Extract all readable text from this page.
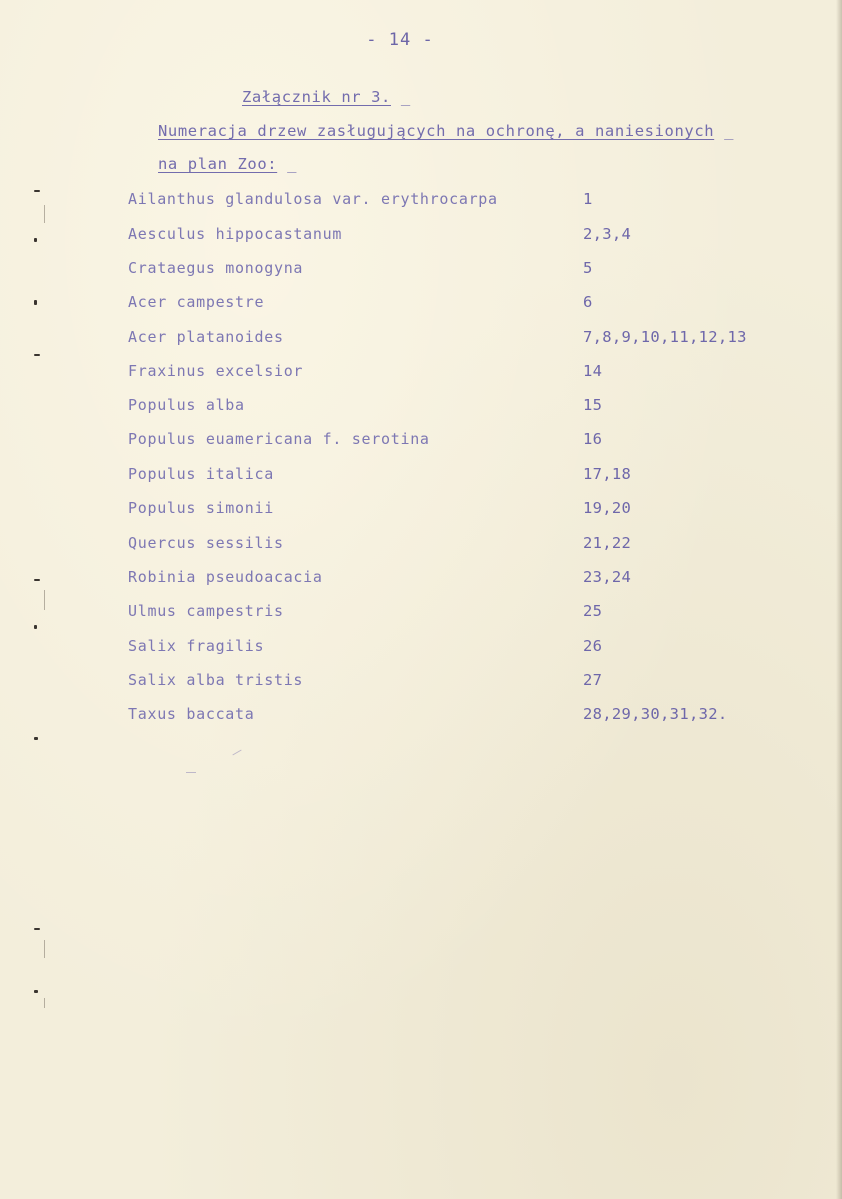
- 14 -
Załącznik nr 3. _
Numeracja drzew zasługujących na ochronę, a naniesionych _
na plan Zoo: _
Ailanthus glandulosa var. erythrocarpa	1
Aesculus hippocastanum	2,3,4
Crataegus monogyna	5
Acer campestre	6
Acer platanoides	7,8,9,10,11,12,13
Fraxinus excelsior	14
Populus alba	15
Populus euamericana f. serotina	16
Populus italica	17,18
Populus simonii	19,20
Quercus sessilis	21,22
Robinia pseudoacacia	23,24
Ulmus campestris	25
Salix fragilis	26
Salix alba tristis	27
Taxus baccata	28,29,30,31,32.
